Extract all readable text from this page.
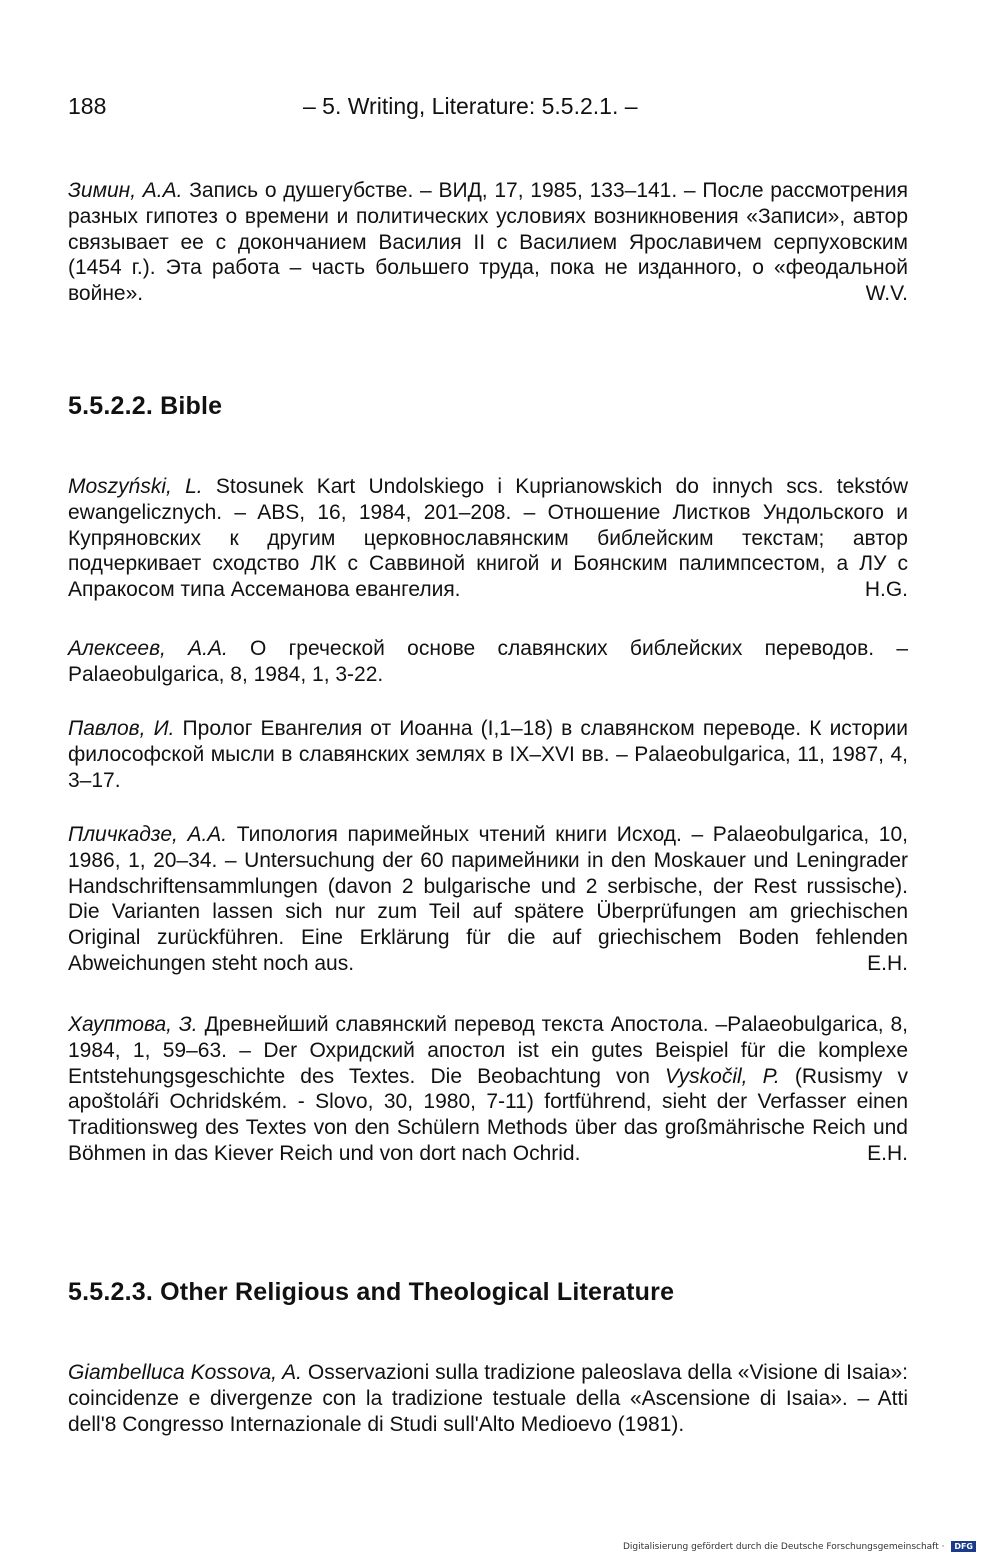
188	– 5. Writing, Literature: 5.5.2.1. –
Зимин, А.А. Запись о душегубстве. – ВИД, 17, 1985, 133–141. – После рассмотрения разных гипотез о времени и политических условиях возникновения «Записи», автор связывает ее с докончанием Василия II с Василием Ярославичем серпуховским (1454 г.). Эта работа – часть большего труда, пока не изданного, о «феодальной войне».	W.V.
5.5.2.2. Bible
Moszyński, L. Stosunek Kart Undolskiego i Kuprianowskich do innych scs. tekstów ewangelicznych. – ABS, 16, 1984, 201–208. – Отношение Листков Ундольского и Купряновских к другим церковнославянским библейским текстам; автор подчеркивает сходство ЛК с Саввиной книгой и Боянским палимпсестом, а ЛУ с Апракосом типа Ассеманова евангелия.	H.G.
Алексеев, А.А. О греческой основе славянских библейских переводов. – Palaeobulgarica, 8, 1984, 1, 3-22.
Павлов, И. Пролог Евангелия от Иоанна (I,1–18) в славянском переводе. К истории философской мысли в славянских землях в IX–XVI вв. – Palaeobulgarica, 11, 1987, 4, 3–17.
Пличкадзе, А.А. Типология паримейных чтений книги Исход. – Palaeobulgarica, 10, 1986, 1, 20–34. – Untersuchung der 60 паримейники in den Moskauer und Leningrader Handschriftensammlungen (davon 2 bulgarische und 2 serbische, der Rest russische). Die Varianten lassen sich nur zum Teil auf spätere Überprüfungen am griechischen Original zurückführen. Eine Erklärung für die auf griechischem Boden fehlenden Abweichungen steht noch aus.	E.H.
Хауптова, З. Древнейший славянский перевод текста Апостола. –Palaeobulgarica, 8, 1984, 1, 59–63. – Der Охридский апостол ist ein gutes Beispiel für die komplexe Entstehungsgeschichte des Textes. Die Beobachtung von Vyskočil, P. (Rusismy v apoštoláři Ochridském. - Slovo, 30, 1980, 7-11) fortführend, sieht der Verfasser einen Traditionsweg des Textes von den Schülern Methods über das großmährische Reich und Böhmen in das Kiever Reich und von dort nach Ochrid.	E.H.
5.5.2.3. Other Religious and Theological Literature
Giambelluca Kossova, A. Osservazioni sulla tradizione paleoslava della «Visione di Isaia»: coincidenze e divergenze con la tradizione testuale della «Ascensione di Isaia». – Atti dell'8 Congresso Internazionale di Studi sull'Alto Medioevo (1981).
Digitalisierung gefördert durch die Deutsche Forschungsgemeinschaft · DFG
